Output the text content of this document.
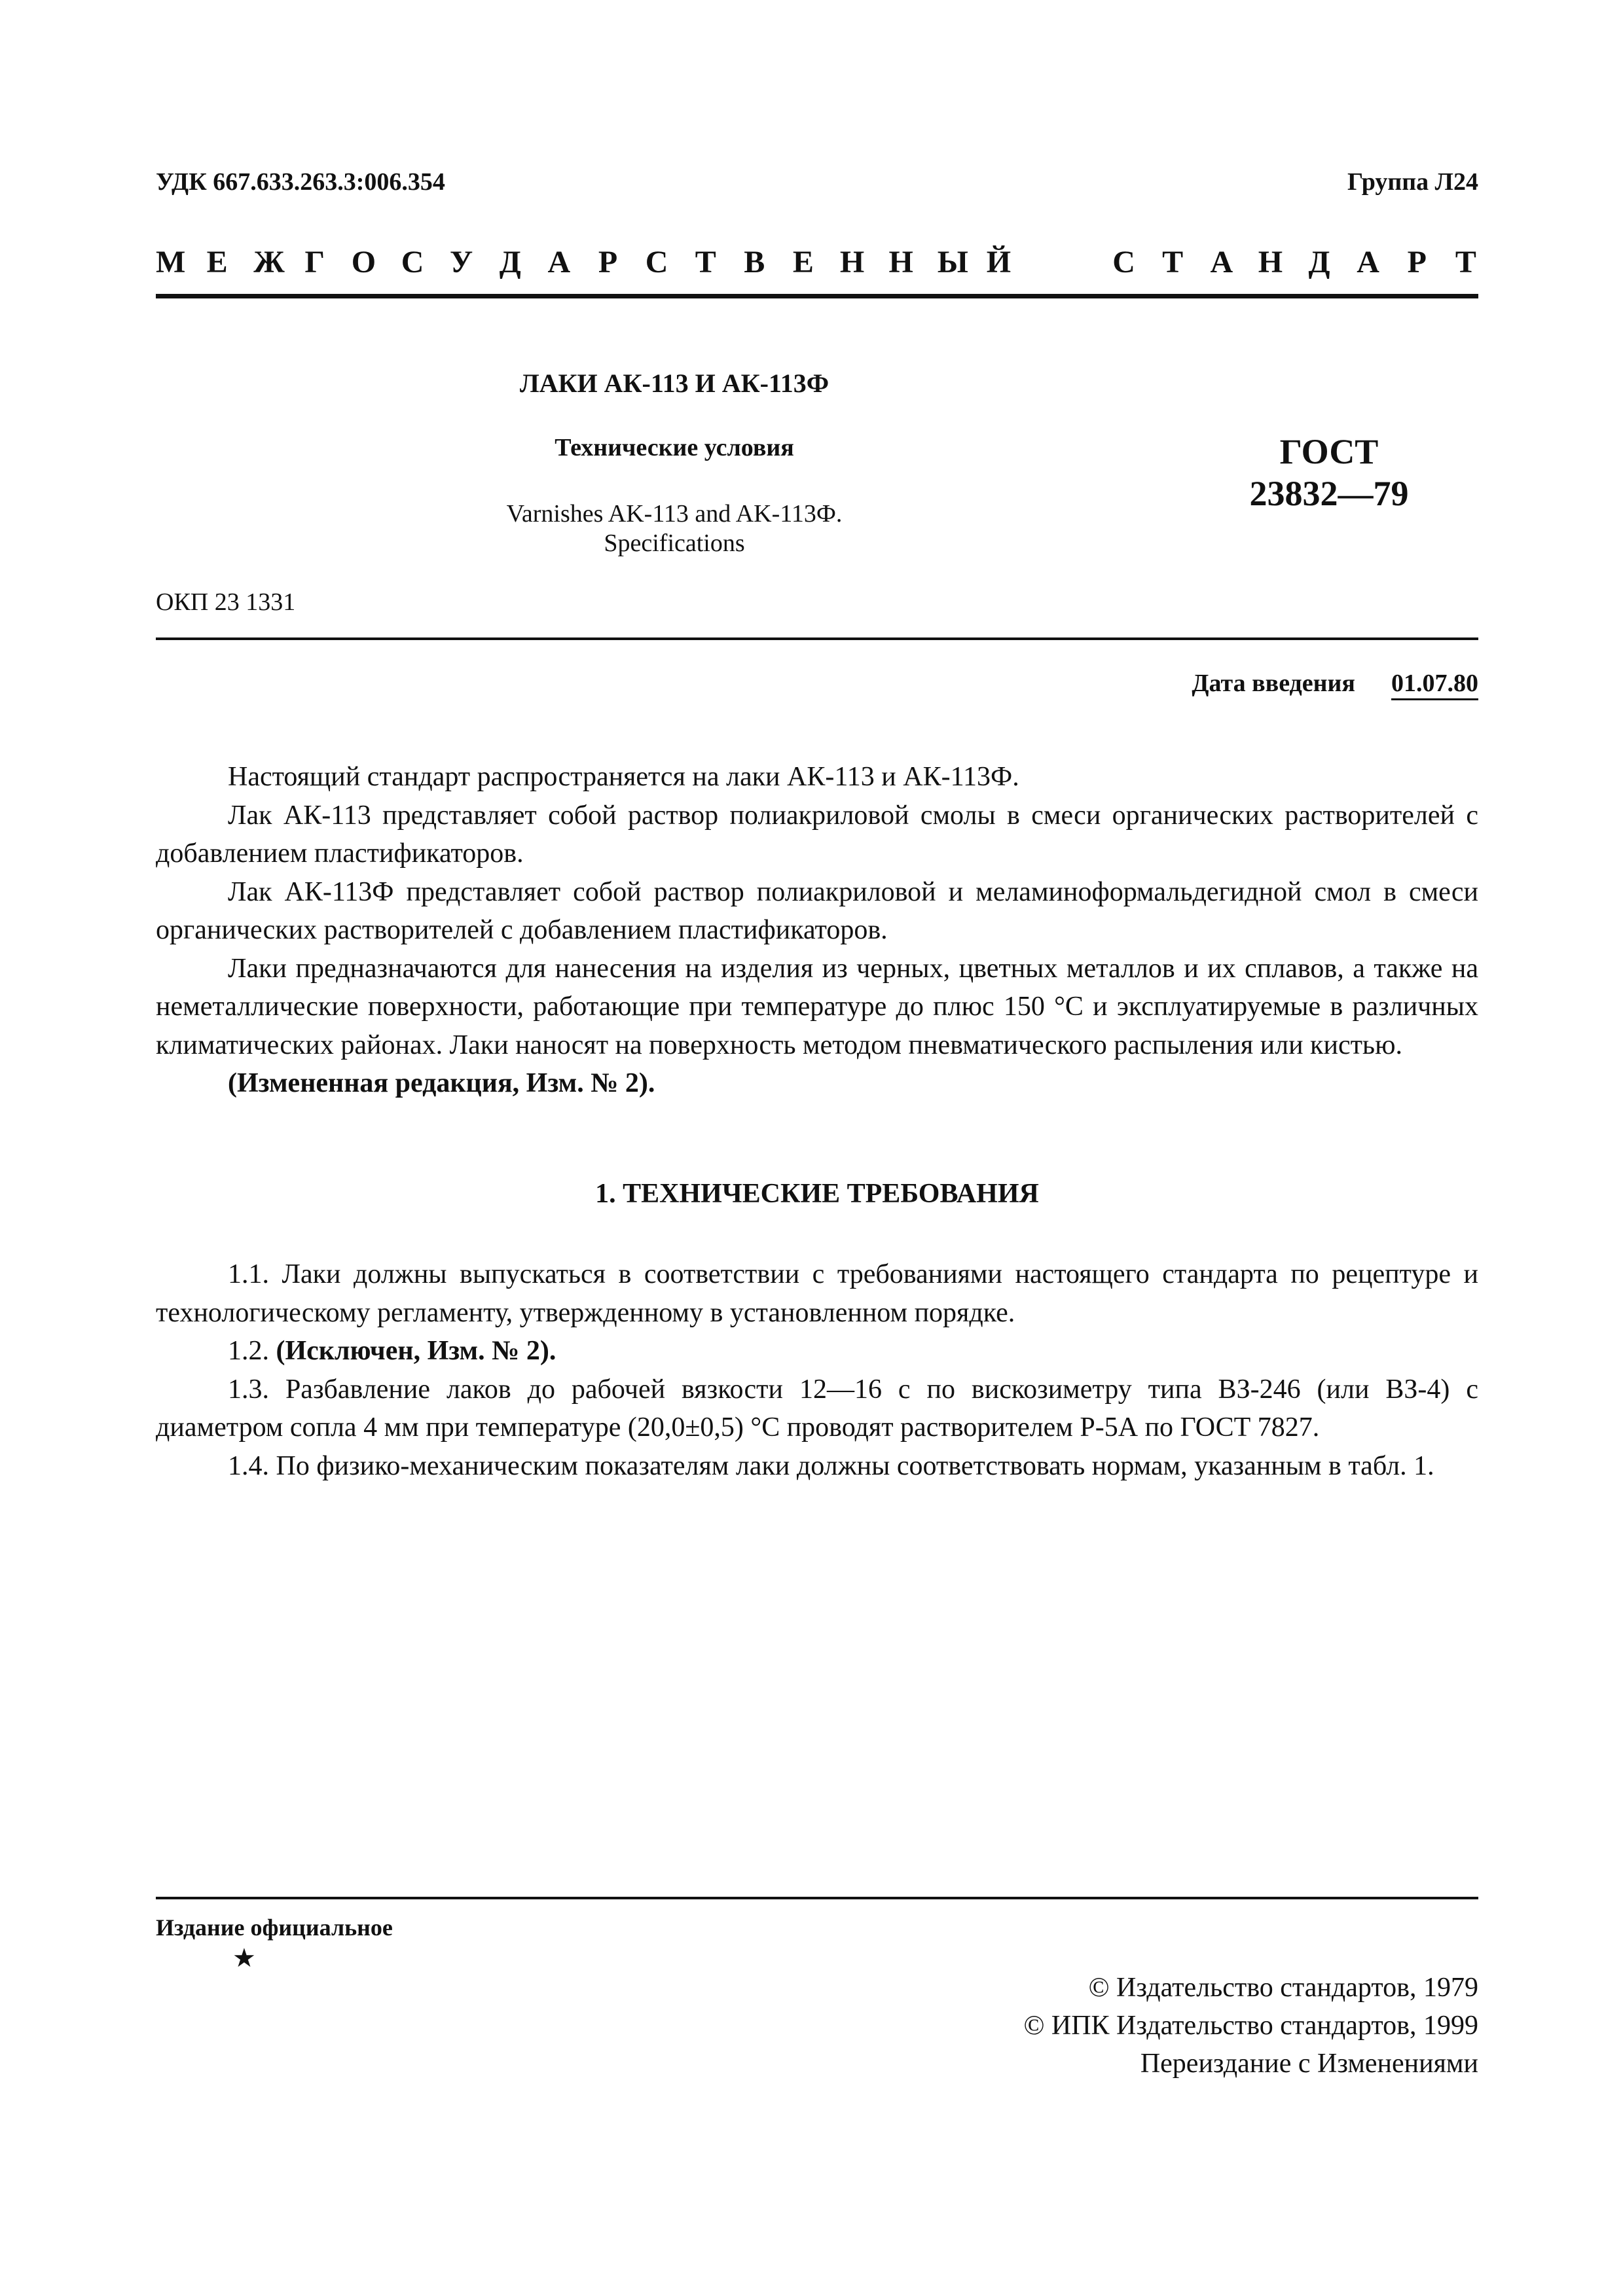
УДК 667.633.263.3:006.354	Группа Л24
М Е Ж Г О С У Д А Р С Т В Е Н Н Ы Й	С Т А Н Д А Р Т
ЛАКИ АК-113 И АК-113Ф
Технические условия
Varnishes AK-113 and AK-113Ф.
Specifications
ГОСТ
23832—79
ОКП 23 1331
Дата введения 01.07.80

Настоящий стандарт распространяется на лаки АК-113 и АК-113Ф.

Лак АК-113 представляет собой раствор полиакриловой смолы в смеси органических растворителей с добавлением пластификаторов.

Лак АК-113Ф представляет собой раствор полиакриловой и меламиноформальдегидной смол в смеси органических растворителей с добавлением пластификаторов.

Лаки предназначаются для нанесения на изделия из черных, цветных металлов и их сплавов, а также на неметаллические поверхности, работающие при температуре до плюс 150 °С и эксплуатируемые в различных климатических районах. Лаки наносят на поверхность методом пневматического распыления или кистью.

(Измененная редакция, Изм. № 2).

1. ТЕХНИЧЕСКИЕ ТРЕБОВАНИЯ

1.1. Лаки должны выпускаться в соответствии с требованиями настоящего стандарта по рецептуре и технологическому регламенту, утвержденному в установленном порядке.

1.2. (Исключен, Изм. № 2).

1.3. Разбавление лаков до рабочей вязкости 12—16 с по вискозиметру типа ВЗ-246 (или ВЗ-4) с диаметром сопла 4 мм при температуре (20,0±0,5) °С проводят растворителем Р-5А по ГОСТ 7827.

1.4. По физико-механическим показателям лаки должны соответствовать нормам, указанным в табл. 1.

Издание официальное
★
© Издательство стандартов, 1979
© ИПК Издательство стандартов, 1999
Переиздание с Изменениями
